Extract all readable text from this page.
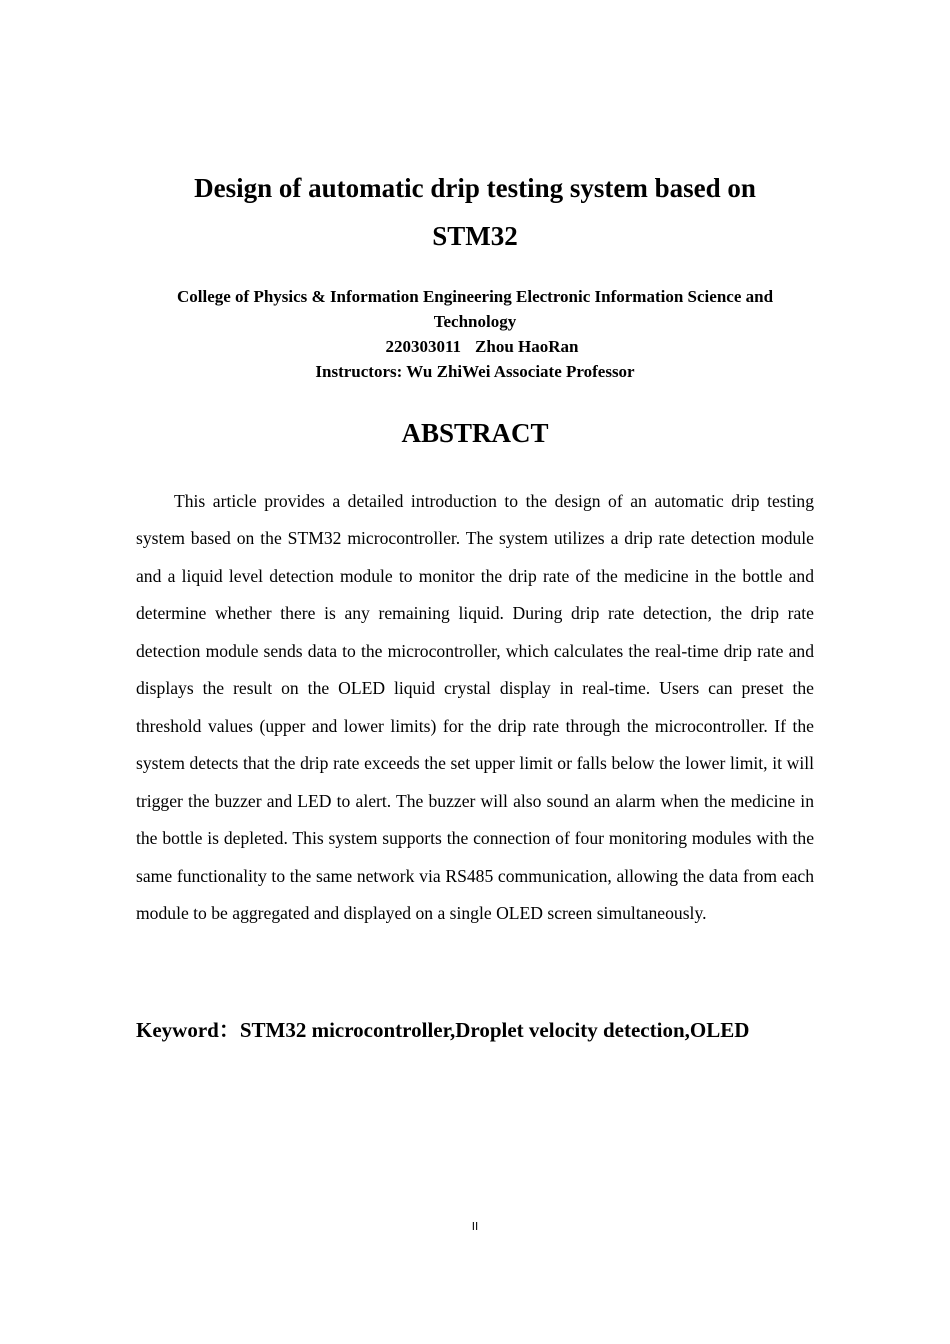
Design of automatic drip testing system based on
STM32
College of Physics & Information Engineering Electronic Information Science and
Technology
220303011 Zhou HaoRan

Instructors: Wu ZhiWei Associate Professor

ABSTRACT

This article provides a detailed introduction to the design of an automatic drip testing system based on the STM32 microcontroller. The system utilizes a drip rate detection module and a liquid level detection module to monitor the drip rate of the medicine in the bottle and determine whether there is any remaining liquid. During drip rate detection, the drip rate detection module sends data to the microcontroller, which calculates the real-time drip rate and displays the result on the OLED liquid crystal display in real-time. Users can preset the threshold values (upper and lower limits) for the drip rate through the microcontroller. If the system detects that the drip rate exceeds the set upper limit or falls below the lower limit, it will trigger the buzzer and LED to alert. The buzzer will also sound an alarm when the medicine in the bottle is depleted. This system supports the connection of four monitoring modules with the same functionality to the same network via RS485 communication, allowing the data from each module to be aggregated and displayed on a single OLED screen simultaneously.

Keyword：STM32 microcontroller,Droplet velocity detection,OLED

II
